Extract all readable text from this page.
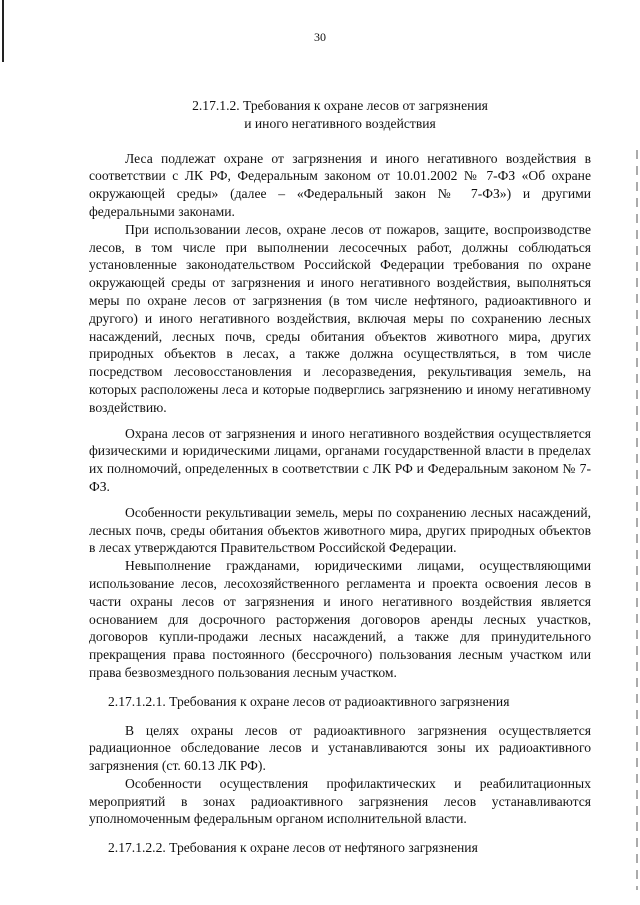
30
2.17.1.2. Требования к охране лесов от загрязнения
и иного негативного воздействия

Леса подлежат охране от загрязнения и иного негативного воздействия в соответствии с ЛК РФ, Федеральным законом от 10.01.2002 № 7-ФЗ «Об охране окружающей среды» (далее – «Федеральный закон № 7-ФЗ») и другими федеральными законами.

При использовании лесов, охране лесов от пожаров, защите, воспроизводстве лесов, в том числе при выполнении лесосечных работ, должны соблюдаться установленные законодательством Российской Федерации требования по охране окружающей среды от загрязнения и иного негативного воздействия, выполняться меры по охране лесов от загрязнения (в том числе нефтяного, радиоактивного и другого) и иного негативного воздействия, включая меры по сохранению лесных насаждений, лесных почв, среды обитания объектов животного мира, других природных объектов в лесах, а также должна осуществляться, в том числе посредством лесовосстановления и лесоразведения, рекультивация земель, на которых расположены леса и которые подверглись загрязнению и иному негативному воздействию.

Охрана лесов от загрязнения и иного негативного воздействия осуществляется физическими и юридическими лицами, органами государственной власти в пределах их полномочий, определенных в соответствии с ЛК РФ и Федеральным законом № 7-ФЗ.

Особенности рекультивации земель, меры по сохранению лесных насаждений, лесных почв, среды обитания объектов животного мира, других природных объектов в лесах утверждаются Правительством Российской Федерации.

Невыполнение гражданами, юридическими лицами, осуществляющими использование лесов, лесохозяйственного регламента и проекта освоения лесов в части охраны лесов от загрязнения и иного негативного воздействия является основанием для досрочного расторжения договоров аренды лесных участков, договоров купли-продажи лесных насаждений, а также для принудительного прекращения права постоянного (бессрочного) пользования лесным участком или права безвозмездного пользования лесным участком.

2.17.1.2.1. Требования к охране лесов от радиоактивного загрязнения

В целях охраны лесов от радиоактивного загрязнения осуществляется радиационное обследование лесов и устанавливаются зоны их радиоактивного загрязнения (ст. 60.13 ЛК РФ).

Особенности осуществления профилактических и реабилитационных мероприятий в зонах радиоактивного загрязнения лесов устанавливаются уполномоченным федеральным органом исполнительной власти.

2.17.1.2.2. Требования к охране лесов от нефтяного загрязнения
